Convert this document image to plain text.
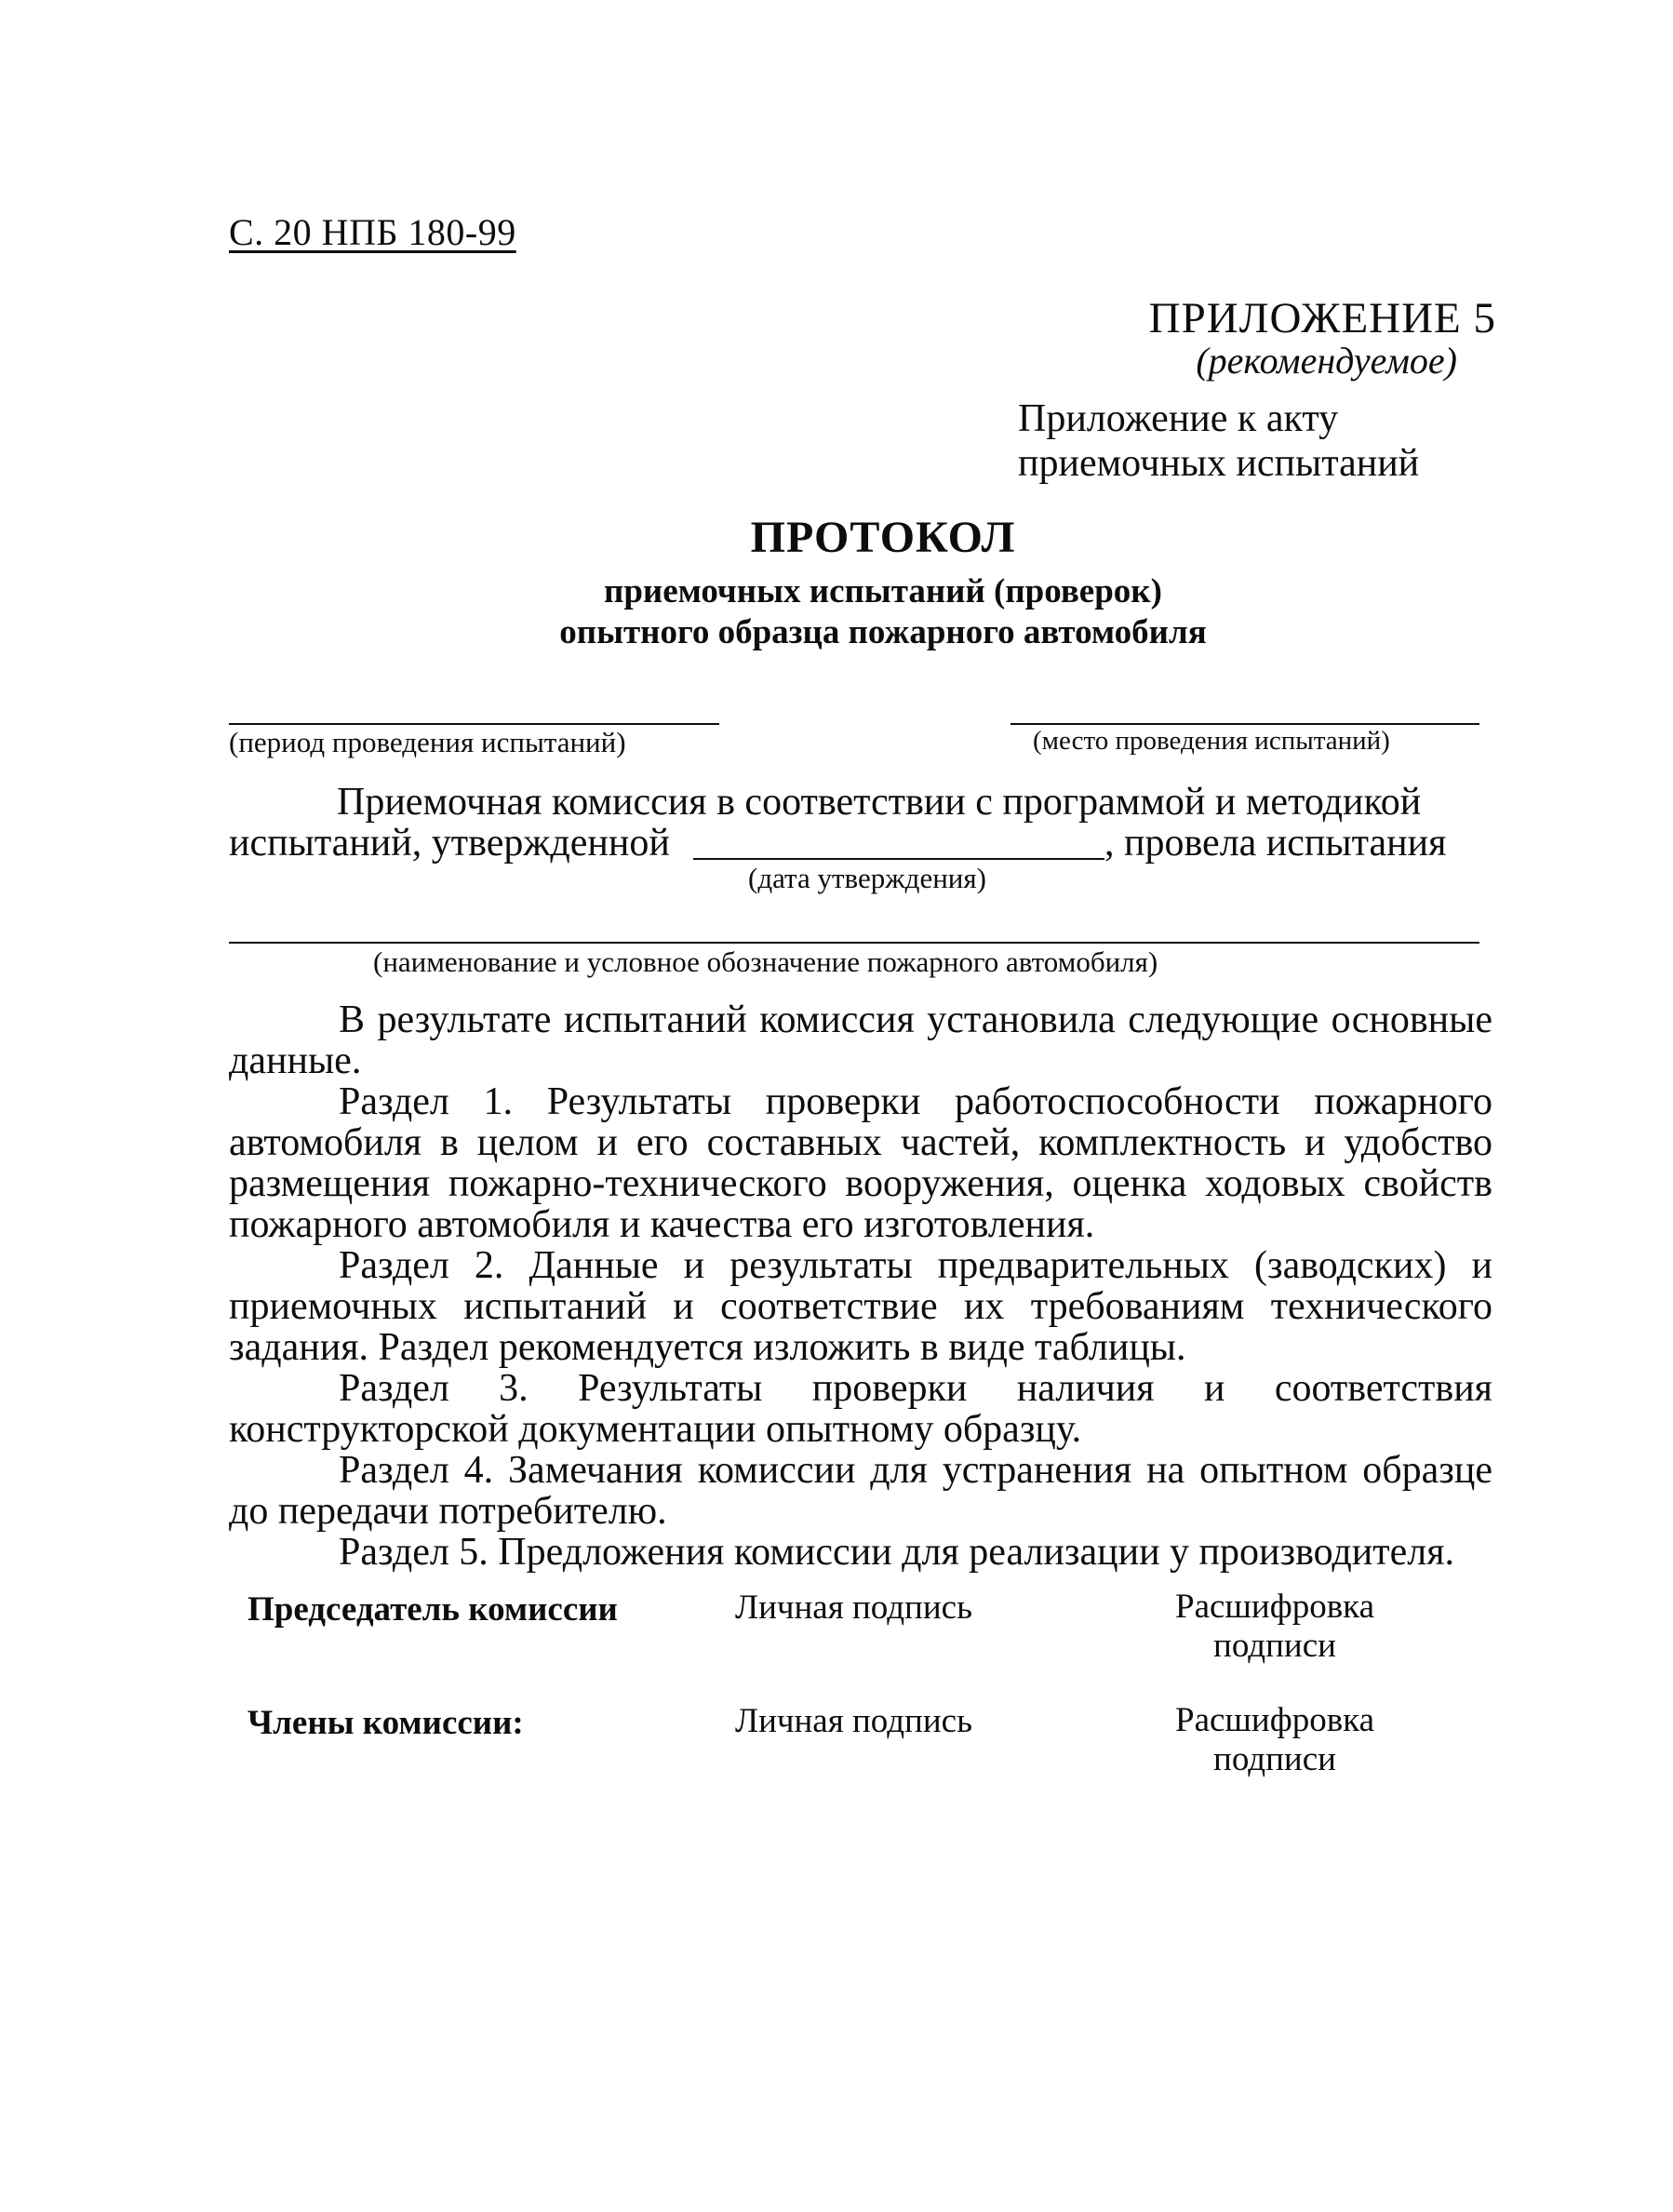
С. 20 НПБ 180-99
ПРИЛОЖЕНИЕ 5
(рекомендуемое)
Приложение к акту приемочных испытаний
ПРОТОКОЛ
приемочных испытаний (проверок)
опытного образца пожарного автомобиля
(период проведения испытаний)	(место проведения испытаний)
Приемочная комиссия в соответствии с программой и методикой
испытаний, утвержденной	, провела испытания
(дата утверждения)
(наименование и условное обозначение пожарного автомобиля)

В результате испытаний комиссия установила следующие основные данные.

Раздел 1. Результаты проверки работоспособности пожарного автомобиля в целом и его составных частей, комплектность и удобство размещения пожарно-технического вооружения, оценка ходовых свойств пожарного автомобиля и качества его изготовления.

Раздел 2. Данные и результаты предварительных (заводских) и приемочных испытаний и соответствие их требованиям технического задания. Раздел рекомендуется изложить в виде таблицы.

Раздел 3. Результаты проверки наличия и соответствия конструкторской документации опытному образцу.

Раздел 4. Замечания комиссии для устранения на опытном образце до передачи потребителю.

Раздел 5. Предложения комиссии для реализации у производителя.

Председатель комиссии	Личная подпись	Расшифровка подписи
Члены комиссии:	Личная подпись	Расшифровка подписи
